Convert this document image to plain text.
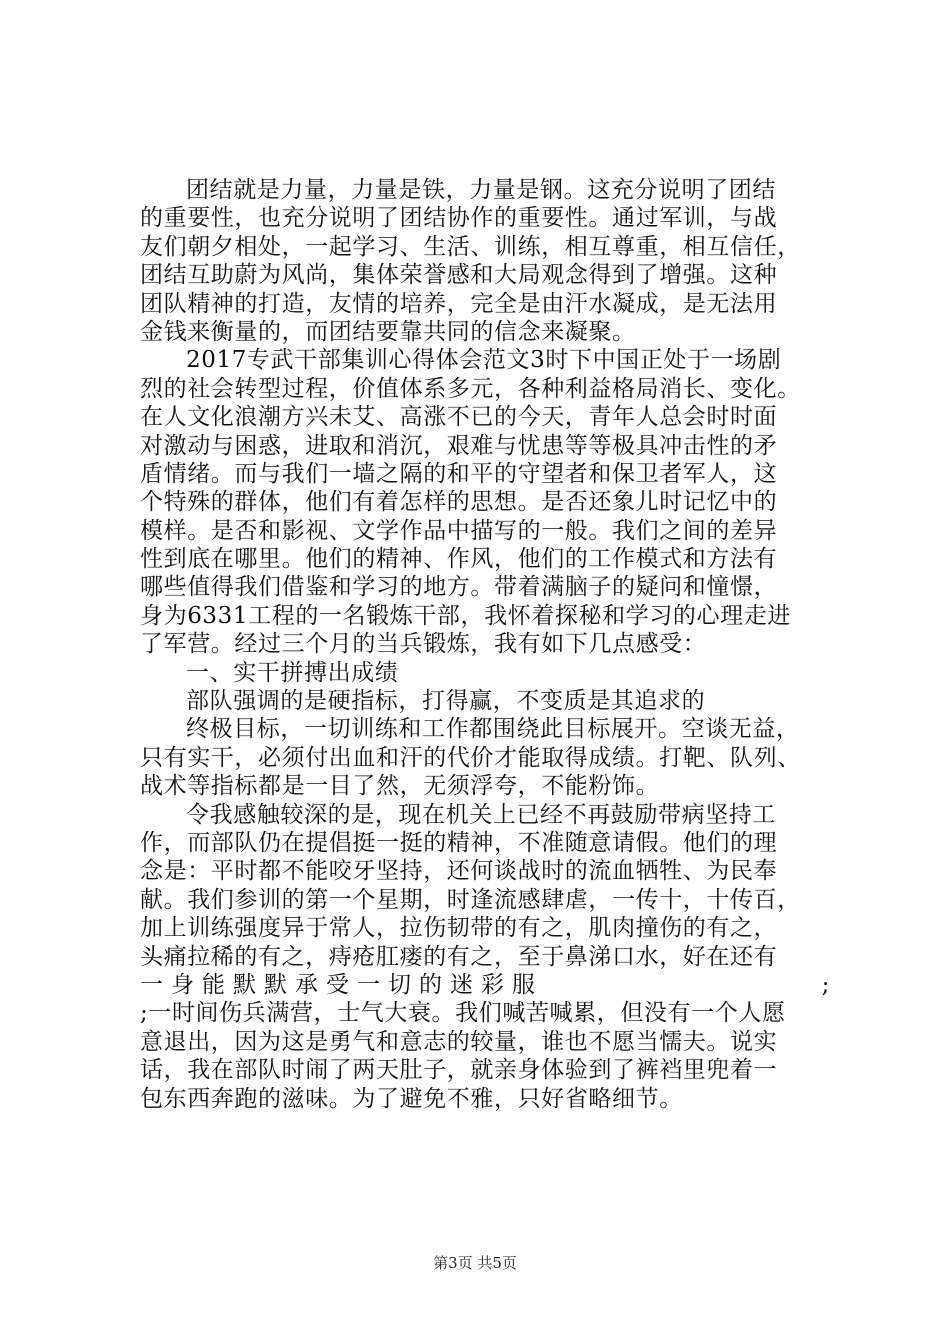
团结就是力量，力量是铁，力量是钢。这充分说明了团结
的重要性，也充分说明了团结协作的重要性。通过军训，与战
友们朝夕相处，一起学习、生活、训练，相互尊重，相互信任，
团结互助蔚为风尚，集体荣誉感和大局观念得到了增强。这种
团队精神的打造，友情的培养，完全是由汗水凝成，是无法用
金钱来衡量的，而团结要靠共同的信念来凝聚。
2017专武干部集训心得体会范文3时下中国正处于一场剧
烈的社会转型过程，价值体系多元，各种利益格局消长、变化。
在人文化浪潮方兴未艾、高涨不已的今天，青年人总会时时面
对激动与困惑，进取和消沉，艰难与忧患等等极具冲击性的矛
盾情绪。而与我们一墙之隔的和平的守望者和保卫者军人，这
个特殊的群体，他们有着怎样的思想。是否还象儿时记忆中的
模样。是否和影视、文学作品中描写的一般。我们之间的差异
性到底在哪里。他们的精神、作风，他们的工作模式和方法有
哪些值得我们借鉴和学习的地方。带着满脑子的疑问和憧憬，
身为6331工程的一名锻炼干部，我怀着探秘和学习的心理走进
了军营。经过三个月的当兵锻炼，我有如下几点感受：
一、实干拼搏出成绩
部队强调的是硬指标，打得赢，不变质是其追求的
终极目标，一切训练和工作都围绕此目标展开。空谈无益，
只有实干，必须付出血和汗的代价才能取得成绩。打靶、队列、
战术等指标都是一目了然，无须浮夸，不能粉饰。
令我感触较深的是，现在机关上已经不再鼓励带病坚持工
作，而部队仍在提倡挺一挺的精神，不准随意请假。他们的理
念是：平时都不能咬牙坚持，还何谈战时的流血牺牲、为民奉
献。我们参训的第一个星期，时逢流感肆虐，一传十，十传百，
加上训练强度异于常人，拉伤韧带的有之，肌肉撞伤的有之，
头痛拉稀的有之，痔疮肛瘘的有之，至于鼻涕口水，好在还有
一身能默默承受一切的迷彩服	;
;一时间伤兵满营，士气大衰。我们喊苦喊累，但没有一个人愿
意退出，因为这是勇气和意志的较量，谁也不愿当懦夫。说实
话，我在部队时闹了两天肚子，就亲身体验到了裤裆里兜着一
包东西奔跑的滋味。为了避免不雅，只好省略细节。
第3页 共5页
